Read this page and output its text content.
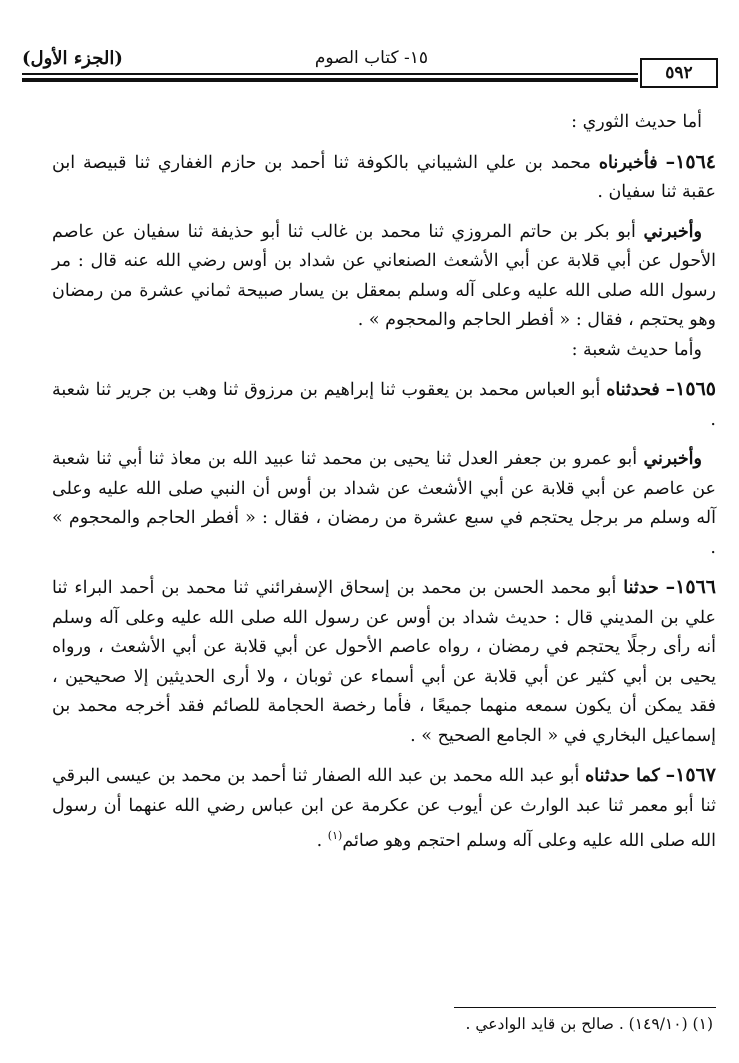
٥٩٢
١٥- كتاب الصوم
(الجزء الأول)

أما حديث الثوري :

١٥٦٤– فأخبرناه محمد بن علي الشيباني بالكوفة ثنا أحمد بن حازم الغفاري ثنا قبيصة ابن عقبة ثنا سفيان .

وأخبرني أبو بكر بن حاتم المروزي ثنا محمد بن غالب ثنا أبو حذيفة ثنا سفيان عن عاصم الأحول عن أبي قلابة عن أبي الأشعث الصنعاني عن شداد بن أوس رضي الله عنه قال : مر رسول الله صلى الله عليه وعلى آله وسلم بمعقل بن يسار صبيحة ثماني عشرة من رمضان وهو يحتجم ، فقال : « أفطر الحاجم والمحجوم » .

وأما حديث شعبة :

١٥٦٥– فحدثناه أبو العباس محمد بن يعقوب ثنا إبراهيم بن مرزوق ثنا وهب بن جرير ثنا شعبة .

وأخبرني أبو عمرو بن جعفر العدل ثنا يحيى بن محمد ثنا عبيد الله بن معاذ ثنا أبي ثنا شعبة عن عاصم عن أبي قلابة عن أبي الأشعث عن شداد بن أوس أن النبي صلى الله عليه وعلى آله وسلم مر برجل يحتجم في سبع عشرة من رمضان ، فقال : « أفطر الحاجم والمحجوم » .

١٥٦٦– حدثنا أبو محمد الحسن بن محمد بن إسحاق الإسفرائني ثنا محمد بن أحمد البراء ثنا علي بن المديني قال : حديث شداد بن أوس عن رسول الله صلى الله عليه وعلى آله وسلم أنه رأى رجلًا يحتجم في رمضان ، رواه عاصم الأحول عن أبي قلابة عن أبي الأشعث ، ورواه يحيى بن أبي كثير عن أبي قلابة عن أبي أسماء عن ثوبان ، ولا أرى الحديثين إلا صحيحين ، فقد يمكن أن يكون سمعه منهما جميعًا ، فأما رخصة الحجامة للصائم فقد أخرجه محمد بن إسماعيل البخاري في « الجامع الصحيح » .

١٥٦٧– كما حدثناه أبو عبد الله محمد بن عبد الله الصفار ثنا أحمد بن محمد بن عيسى البرقي ثنا أبو معمر ثنا عبد الوارث عن أيوب عن عكرمة عن ابن عباس رضي الله عنهما أن رسول الله صلى الله عليه وعلى آله وسلم احتجم وهو صائم$^{(١)}$ .

(١) (١٤٩/١٠) . صالح بن قايد الوادعي .
